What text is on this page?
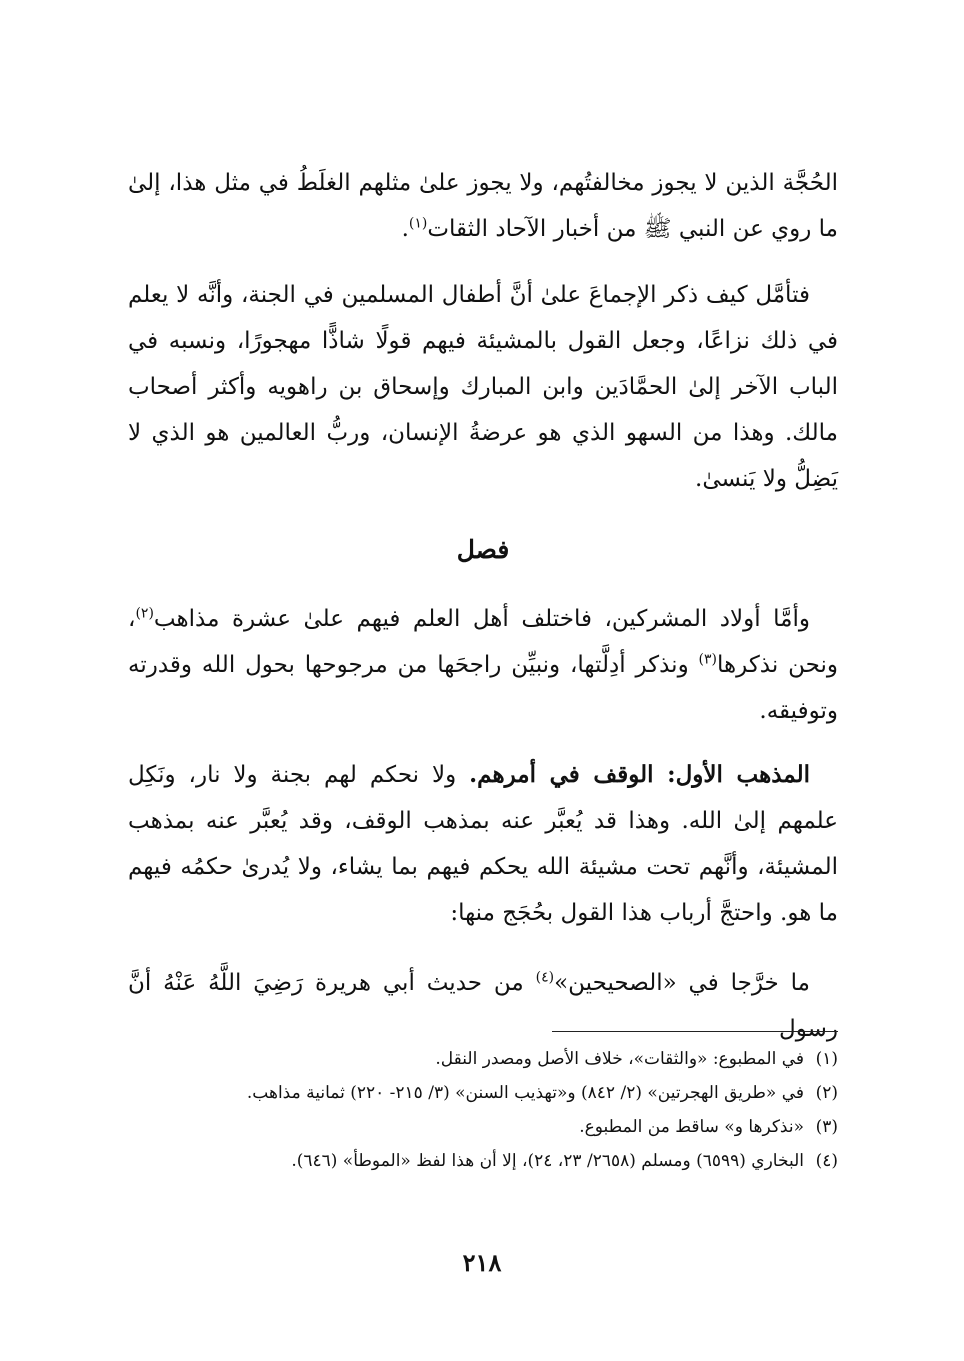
الحُجَّة الذين لا يجوز مخالفتُهم، ولا يجوز علىٰ مثلهم الغلَطُ في مثل هذا، إلىٰ ما روي عن النبي ﷺ من أخبار الآحاد الثقات$^{(١)}$.

فتأمَّل كيف ذكر الإجماعَ علىٰ أنَّ أطفال المسلمين في الجنة، وأنَّه لا يعلم في ذلك نزاعًا، وجعل القول بالمشيئة فيهم قولًا شاذًّا مهجورًا، ونسبه في الباب الآخر إلىٰ الحمَّادَين وابن المبارك وإسحاق بن راهويه وأكثر أصحاب مالك. وهذا من السهو الذي هو عرضةُ الإنسان، وربُّ العالمين هو الذي لا يَضِلُّ ولا يَنسىٰ.

فصل

وأمَّا أولاد المشركين، فاختلف أهل العلم فيهم علىٰ عشرة مذاهب$^{(٢)}$، ونحن نذكرها$^{(٣)}$ ونذكر أدِلَّتها، ونبيِّن راجحَها من مرجوحها بحول الله وقدرته وتوفيقه.

المذهب الأول: الوقف في أمرهم. ولا نحكم لهم بجنة ولا نار، ونَكِل علمهم إلىٰ الله. وهذا قد يُعبَّر عنه بمذهب الوقف، وقد يُعبَّر عنه بمذهب المشيئة، وأنَّهم تحت مشيئة الله يحكم فيهم بما يشاء، ولا يُدرىٰ حكمُه فيهم ما هو. واحتجَّ أرباب هذا القول بحُجَج منها:

ما خرَّجا في «الصحيحين»$^{(٤)}$ من حديث أبي هريرة رَضِيَ اللَّهُ عَنْهُ أنَّ رسول

(١)في المطبوع: «والثقات»، خلاف الأصل ومصدر النقل.
(٢)في «طريق الهجرتين» (٢/ ٨٤٢) و«تهذيب السنن» (٣/ ٢١٥- ٢٢٠) ثمانية مذاهب.
(٣)«نذكرها و» ساقط من المطبوع.
(٤)البخاري (٦٥٩٩) ومسلم (٢٦٥٨/ ٢٣، ٢٤)، إلا أن هذا لفظ «الموطأ» (٦٤٦).
٢١٨
